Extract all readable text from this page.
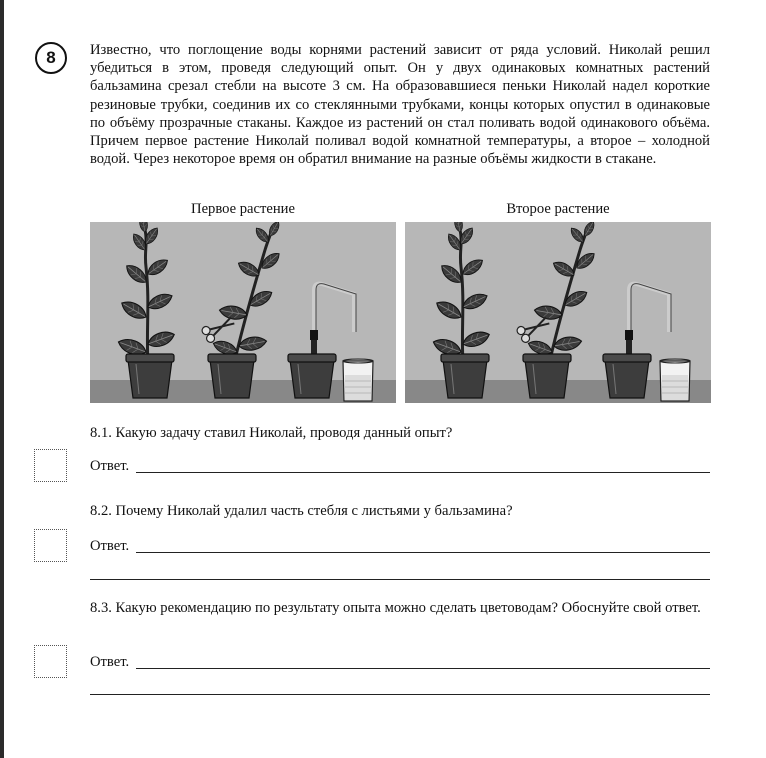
8	Известно, что поглощение воды корнями растений зависит от ряда условий. Николай решил убедиться в этом, проведя следующий опыт. Он у двух одинаковых комнатных растений бальзамина срезал стебли на высоте 3 см. На образовавшиеся пеньки Николай надел короткие резиновые трубки, соединив их со стеклянными трубками, концы которых опустил в одинаковые по объёму прозрачные стаканы. Каждое из растений он стал поливать водой одинакового объёма. Причем первое растение Николай поливал водой комнатной температуры, а второе – холодной водой. Через некоторое время он обратил внимание на разные объёмы жидкости в стакане.
Первое растение	Второе растение
8.1. Какую задачу ставил Николай, проводя данный опыт?
Ответ.
8.2. Почему Николай удалил часть стебля с листьями у бальзамина?
Ответ.
8.3. Какую рекомендацию по результату опыта можно сделать цветоводам? Обоснуйте свой ответ.
Ответ.
